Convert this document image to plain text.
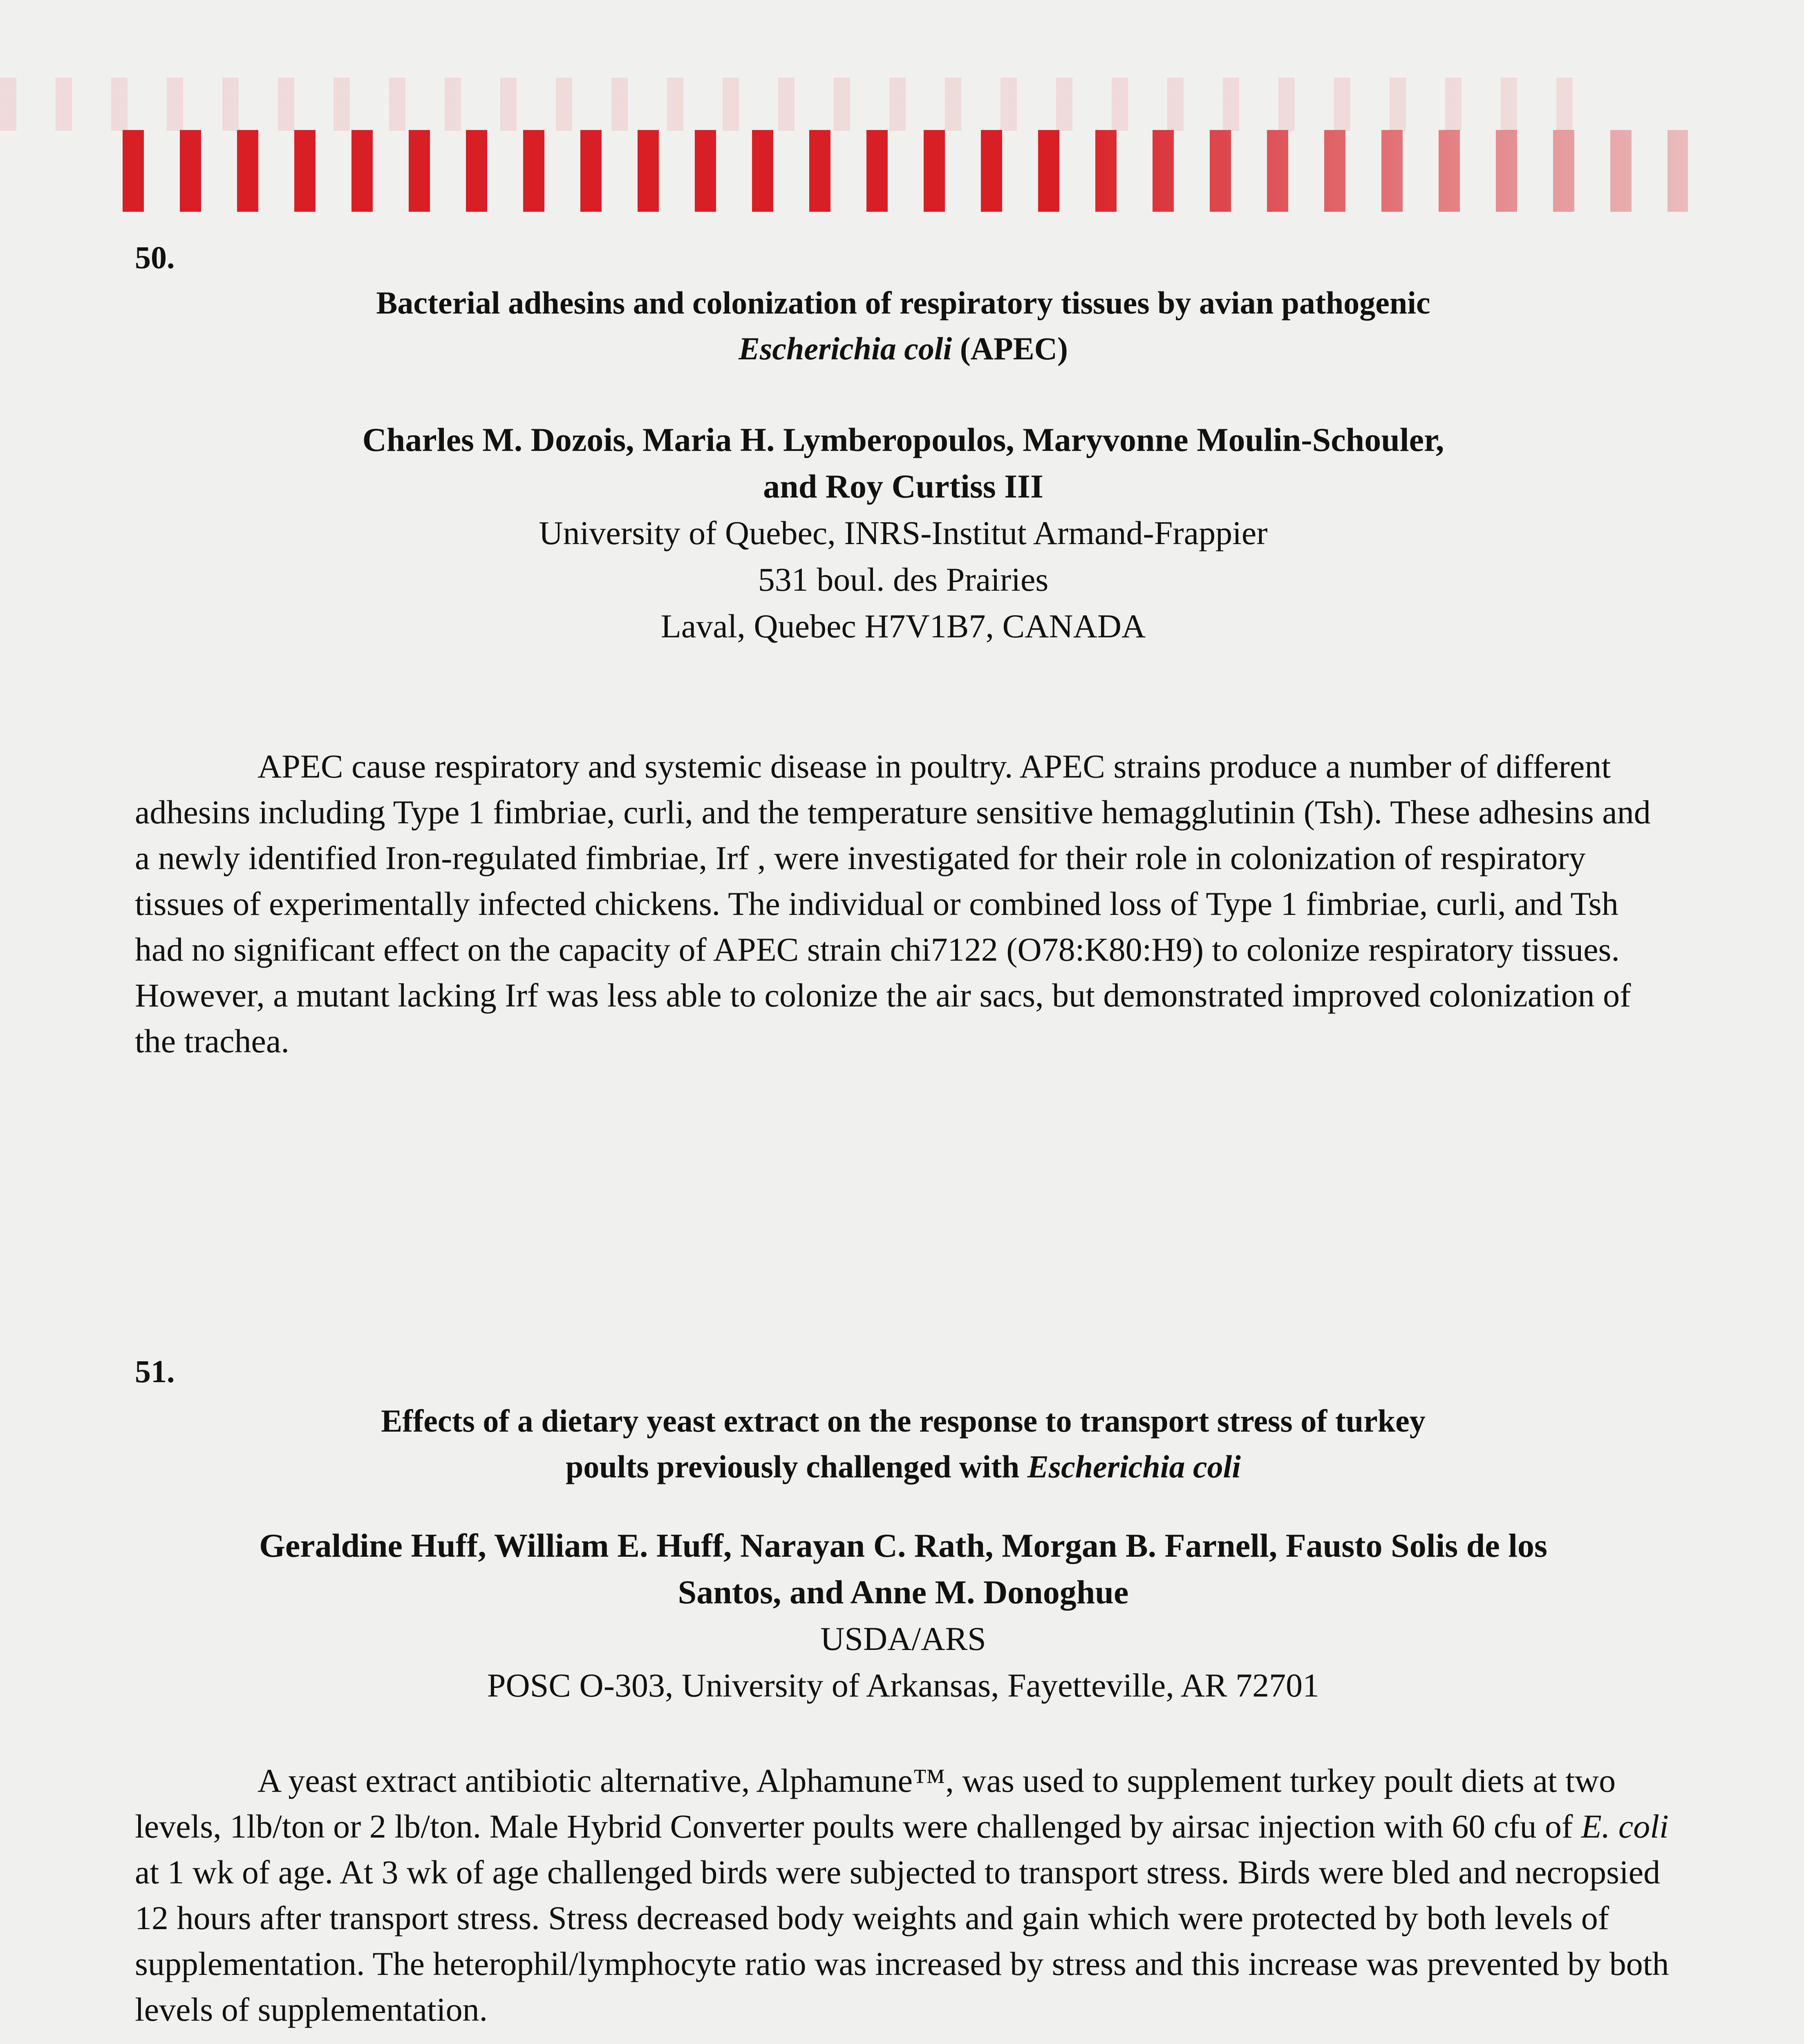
50.

Bacterial adhesins and colonization of respiratory tissues by avian pathogenic
Escherichia coli (APEC)

Charles M. Dozois, Maria H. Lymberopoulos, Maryvonne Moulin-Schouler,
and Roy Curtiss III

University of Quebec, INRS-Institut Armand-Frappier
531 boul. des Prairies
Laval, Quebec H7V1B7, CANADA

APEC cause respiratory and systemic disease in poultry. APEC strains produce a number of different adhesins including Type 1 fimbriae, curli, and the temperature sensitive hemagglutinin (Tsh). These adhesins and a newly identified Iron-regulated fimbriae, Irf , were investigated for their role in colonization of respiratory tissues of experimentally infected chickens. The individual or combined loss of Type 1 fimbriae, curli, and Tsh had no significant effect on the capacity of APEC strain chi7122 (O78:K80:H9) to colonize respiratory tissues. However, a mutant lacking Irf was less able to colonize the air sacs, but demonstrated improved colonization of the trachea.

51.

Effects of a dietary yeast extract on the response to transport stress of turkey
poults previously challenged with Escherichia coli

Geraldine Huff, William E. Huff, Narayan C. Rath, Morgan B. Farnell, Fausto Solis de los
Santos, and Anne M. Donoghue

USDA/ARS
POSC O-303, University of Arkansas, Fayetteville, AR 72701

A yeast extract antibiotic alternative, Alphamune™, was used to supplement turkey poult diets at two levels, 1lb/ton or 2 lb/ton. Male Hybrid Converter poults were challenged by airsac injection with 60 cfu of E. coli at 1 wk of age. At 3 wk of age challenged birds were subjected to transport stress. Birds were bled and necropsied 12 hours after transport stress. Stress decreased body weights and gain which were protected by both levels of supplementation. The heterophil/lymphocyte ratio was increased by stress and this increase was prevented by both levels of supplementation.
